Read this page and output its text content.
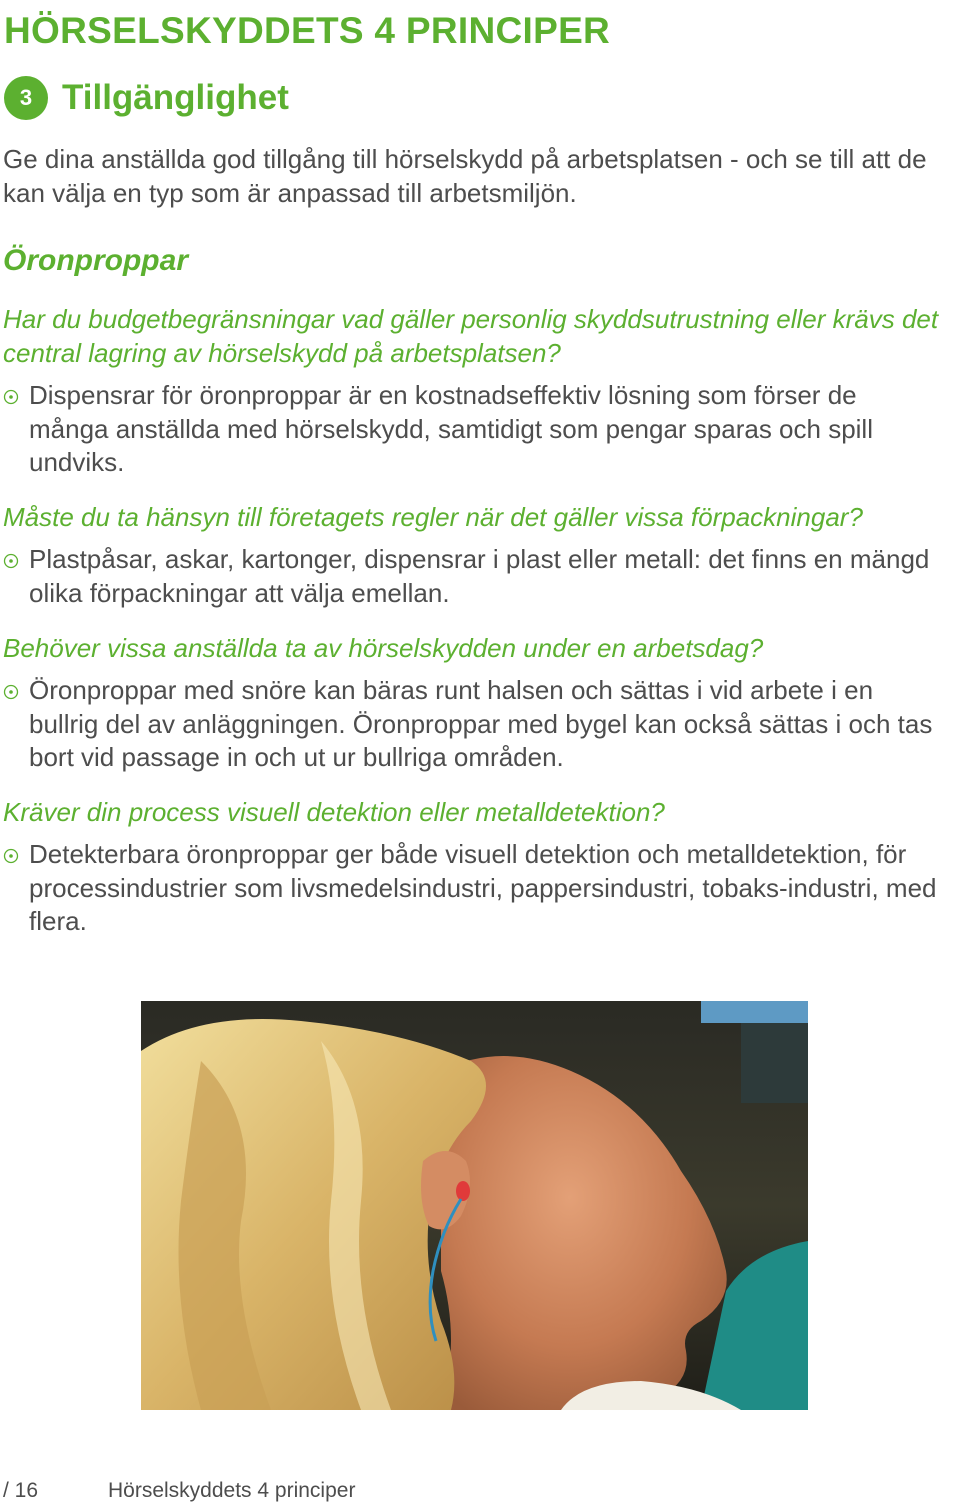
HÖRSELSKYDDETS 4 PRINCIPER
3 Tillgänglighet

Ge dina anställda god tillgång till hörselskydd på arbetsplatsen - och se till att de kan välja en typ som är anpassad till arbetsmiljön.

Öronproppar

Har du budgetbegränsningar vad gäller personlig skyddsutrustning eller krävs det central lagring av hörselskydd på arbetsplatsen?

Dispensrar för öronproppar är en kostnadseffektiv lösning som förser de många anställda med hörselskydd, samtidigt som pengar sparas och spill undviks.

Måste du ta hänsyn till företagets regler när det gäller vissa förpackningar?

Plastpåsar, askar, kartonger, dispensrar i plast eller metall: det finns en mängd olika förpackningar att välja emellan.

Behöver vissa anställda ta av hörselskydden under en arbetsdag?

Öronproppar med snöre kan bäras runt halsen och sättas i vid arbete i en bullrig del av anläggningen. Öronproppar med bygel kan också sättas i och tas bort vid passage in och ut ur bullriga områden.

Kräver din process visuell detektion eller metalldetektion?

Detekterbara öronproppar ger både visuell detektion och metalldetektion, för processindustrier som livsmedelsindustri, pappersindustri, tobaks-industri, med flera.

/ 16	Hörselskyddets 4 principer
